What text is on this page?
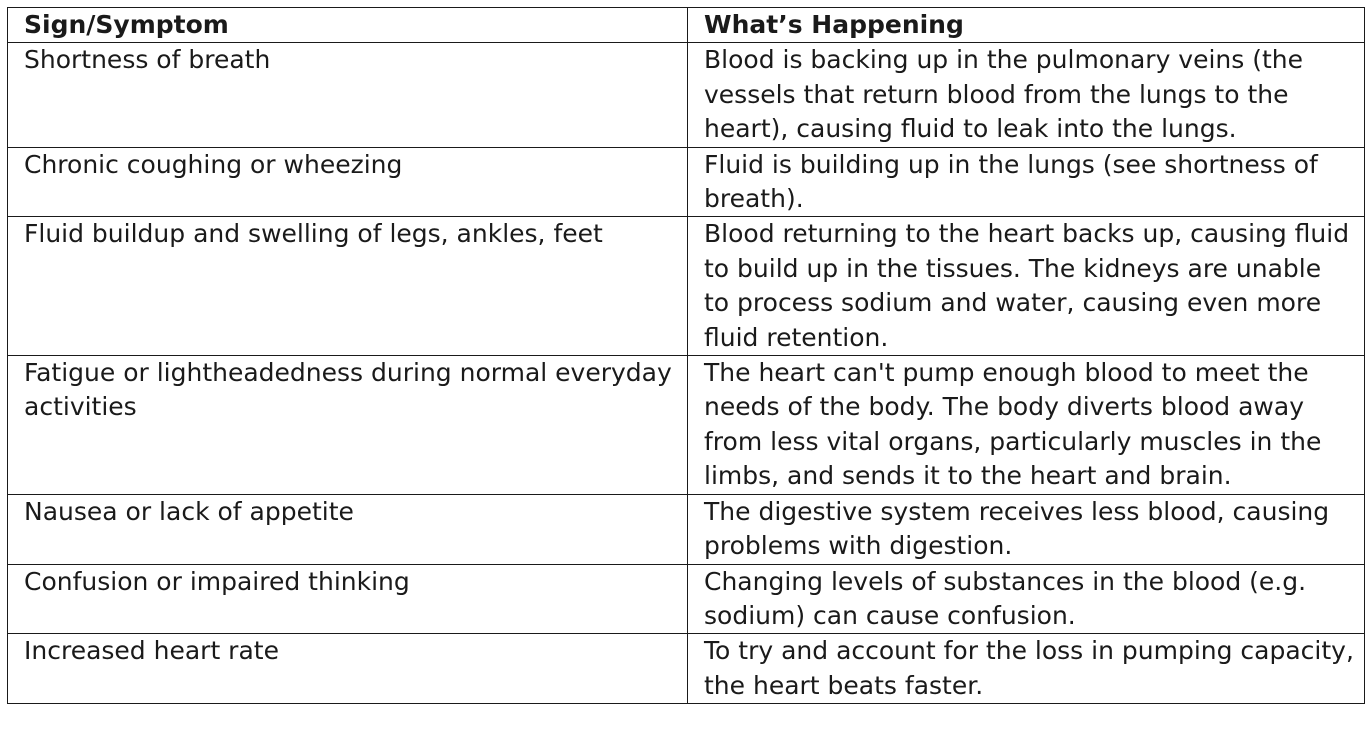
Sign/Symptom	What’s Happening
Shortness of breath	Blood is backing up in the pulmonary veins (the vessels that return blood from the lungs to the heart), causing fluid to leak into the lungs.
Chronic coughing or wheezing	Fluid is building up in the lungs (see shortness of breath).
Fluid buildup and swelling of legs, ankles, feet	Blood returning to the heart backs up, causing fluid to build up in the tissues. The kidneys are unable to process sodium and water, causing even more fluid retention.
Fatigue or lightheadedness during normal everyday activities	The heart can't pump enough blood to meet the needs of the body. The body diverts blood away from less vital organs, particularly muscles in the limbs, and sends it to the heart and brain.
Nausea or lack of appetite	The digestive system receives less blood, causing problems with digestion.
Confusion or impaired thinking	Changing levels of substances in the blood (e.g. sodium) can cause confusion.
Increased heart rate	To try and account for the loss in pumping capacity, the heart beats faster.
